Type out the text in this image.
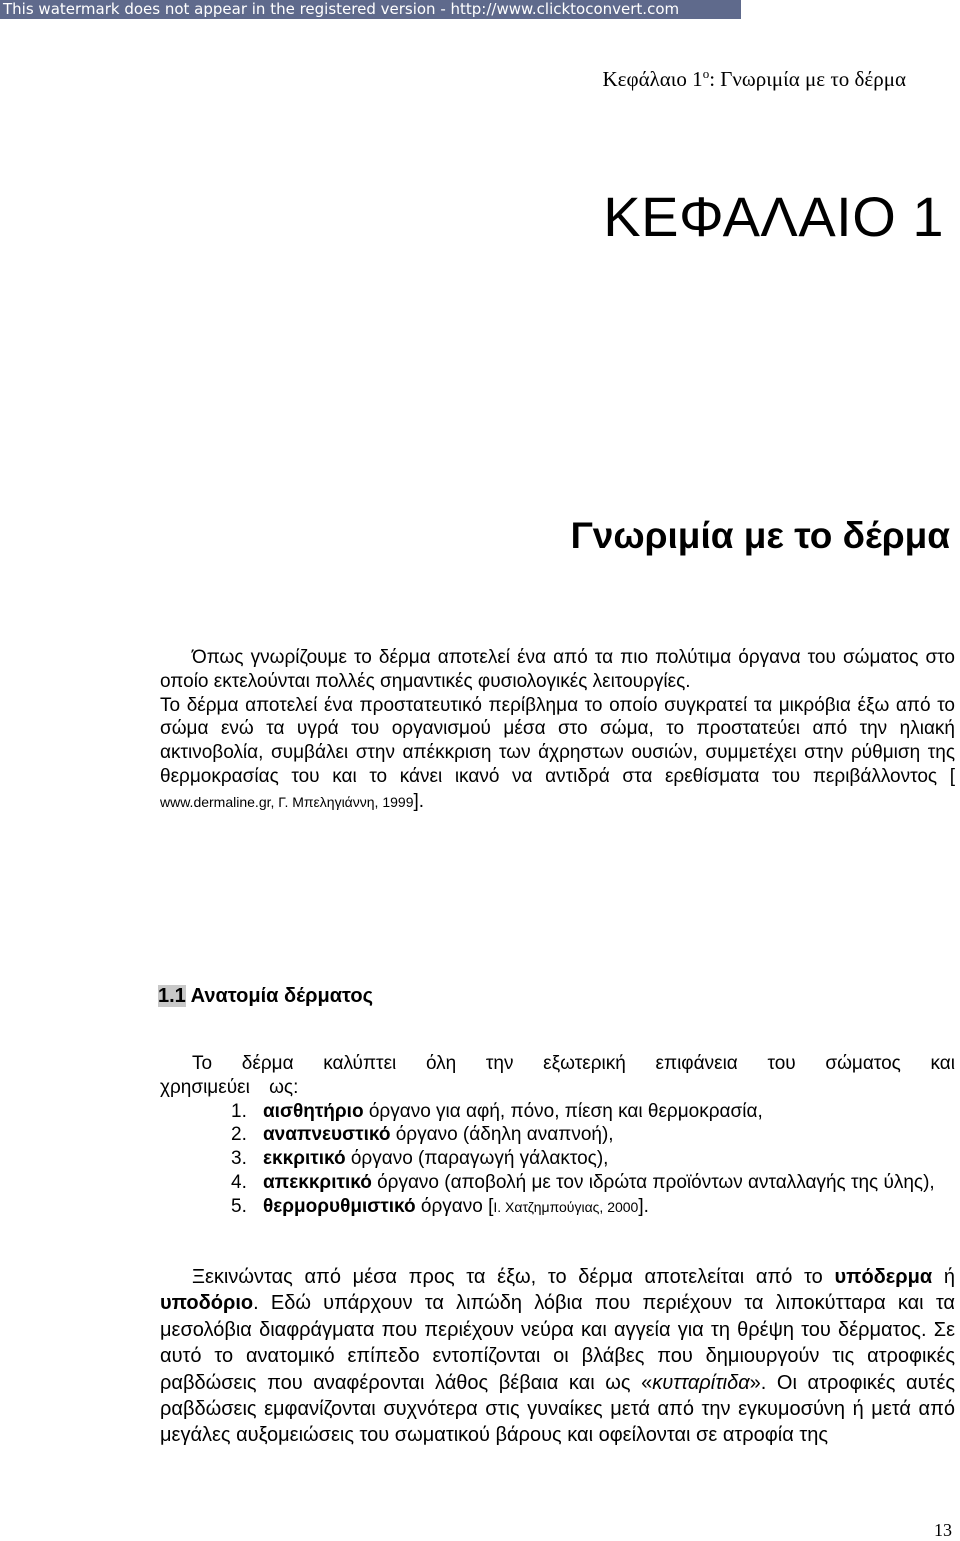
This watermark does not appear in the registered version - http://www.clicktoconvert.com
Κεφάλαιο $1^o$: Γνωριμία με το δέρμα
ΚΕΦΑΛΑΙΟ 1
Γνωριμία με το δέρμα

Όπως γνωρίζουμε το δέρμα αποτελεί ένα από τα πιο πολύτιμα όργανα του σώματος στο οποίο εκτελούνται πολλές σημαντικές φυσιολογικές λειτουργίες.

Το δέρμα αποτελεί ένα προστατευτικό περίβλημα το οποίο συγκρατεί τα μικρόβια έξω από το σώμα ενώ τα υγρά του οργανισμού μέσα στο σώμα, το προστατεύει από την ηλιακή ακτινοβολία, συμβάλει στην απέκκριση των άχρηστων ουσιών, συμμετέχει στην ρύθμιση της θερμοκρασίας του και το κάνει ικανό να αντιδρά στα ερεθίσματα του περιβάλλοντος [ www.dermaline.gr, Γ. Μπεληγιάννη, 1999].

1.1 Ανατομία δέρματος

Το δέρμα καλύπτει όλη την εξωτερική επιφάνεια του σώματος και χρησιμεύει ως:

1. αισθητήριο όργανο για αφή, πόνο, πίεση και θερμοκρασία,
2. αναπνευστικό όργανο (άδηλη αναπνοή),
3. εκκριτικό όργανο (παραγωγή γάλακτος),
4. απεκκριτικό όργανο (αποβολή με τον ιδρώτα προϊόντων ανταλλαγής της ύλης),
5. θερμορυθμιστικό όργανο [Ι. Χατζημπούγιας, 2000].

Ξεκινώντας από μέσα προς τα έξω, το δέρμα αποτελείται από το υπόδερμα ή υποδόριο. Εδώ υπάρχουν τα λιπώδη λόβια που περιέχουν τα λιποκύτταρα και τα μεσολόβια διαφράγματα που περιέχουν νεύρα και αγγεία για τη θρέψη του δέρματος. Σε αυτό το ανατομικό επίπεδο εντοπίζονται οι βλάβες που δημιουργούν τις ατροφικές ραβδώσεις που αναφέρονται λάθος βέβαια και ως «κυτταρίτιδα». Οι ατροφικές αυτές ραβδώσεις εμφανίζονται συχνότερα στις γυναίκες μετά από την εγκυμοσύνη ή μετά από μεγάλες αυξομειώσεις του σωματικού βάρους και οφείλονται σε ατροφία της

13
